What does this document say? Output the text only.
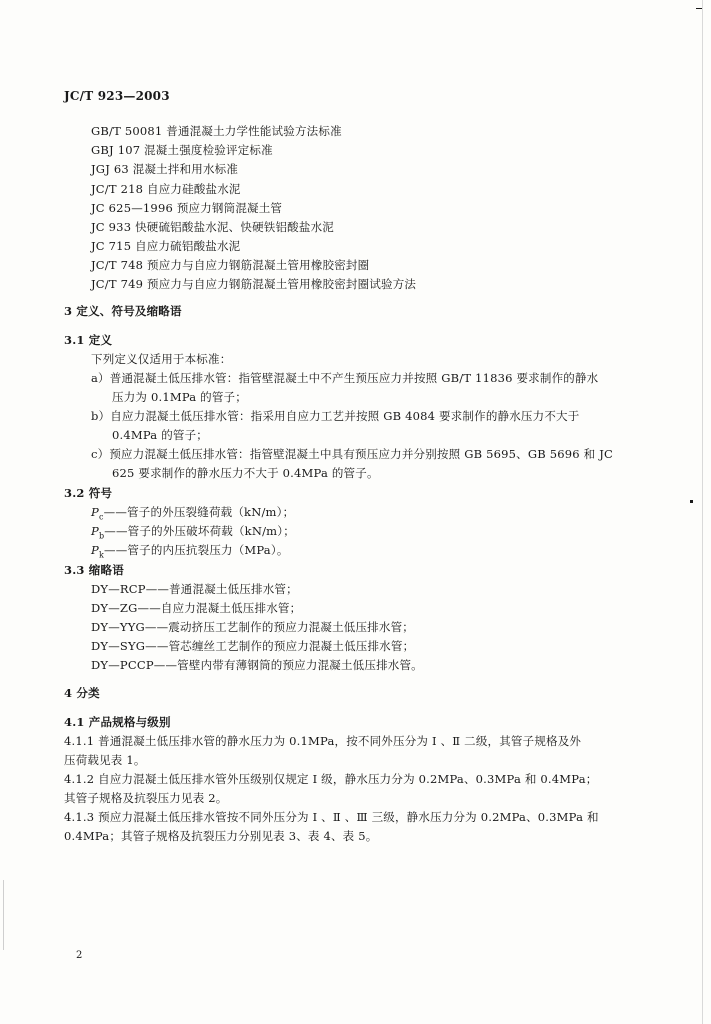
JC/T 923—2003
GB/T 50081 普通混凝土力学性能试验方法标准
GBJ 107 混凝土强度检验评定标准
JGJ 63 混凝土拌和用水标准
JC/T 218 自应力硅酸盐水泥
JC 625—1996 预应力钢筒混凝土管
JC 933 快硬硫铝酸盐水泥、快硬铁铝酸盐水泥
JC 715 自应力硫铝酸盐水泥
JC/T 748 预应力与自应力钢筋混凝土管用橡胶密封圈
JC/T 749 预应力与自应力钢筋混凝土管用橡胶密封圈试验方法
3 定义、符号及缩略语
3.1 定义
下列定义仅适用于本标准：
a）普通混凝土低压排水管：指管壁混凝土中不产生预压应力并按照 GB/T 11836 要求制作的静水
压力为 0.1MPa 的管子；
b）自应力混凝土低压排水管：指采用自应力工艺并按照 GB 4084 要求制作的静水压力不大于
0.4MPa 的管子；
c）预应力混凝土低压排水管：指管壁混凝土中具有预压应力并分别按照 GB 5695、GB 5696 和 JC
625 要求制作的静水压力不大于 0.4MPa 的管子。
3.2 符号
$P_c——$管子的外压裂缝荷载（kN/m）；
$P_b——$管子的外压破坏荷载（kN/m）；
$P_k——$管子的内压抗裂压力（MPa）。
3.3 缩略语
DY—RCP——普通混凝土低压排水管；
DY—ZG——自应力混凝土低压排水管；
DY—YYG——震动挤压工艺制作的预应力混凝土低压排水管；
DY—SYG——管芯缠丝工艺制作的预应力混凝土低压排水管；
DY—PCCP——管壁内带有薄钢筒的预应力混凝土低压排水管。
4 分类
4.1 产品规格与级别
4.1.1 普通混凝土低压排水管的静水压力为 0.1MPa，按不同外压分为 Ⅰ 、Ⅱ 二级，其管子规格及外
压荷载见表 1。
4.1.2 自应力混凝土低压排水管外压级别仅规定 Ⅰ 级，静水压力分为 0.2MPa、0.3MPa 和 0.4MPa；
其管子规格及抗裂压力见表 2。
4.1.3 预应力混凝土低压排水管按不同外压分为 Ⅰ 、Ⅱ 、Ⅲ 三级，静水压力分为 0.2MPa、0.3MPa 和
0.4MPa；其管子规格及抗裂压力分别见表 3、表 4、表 5。
2
